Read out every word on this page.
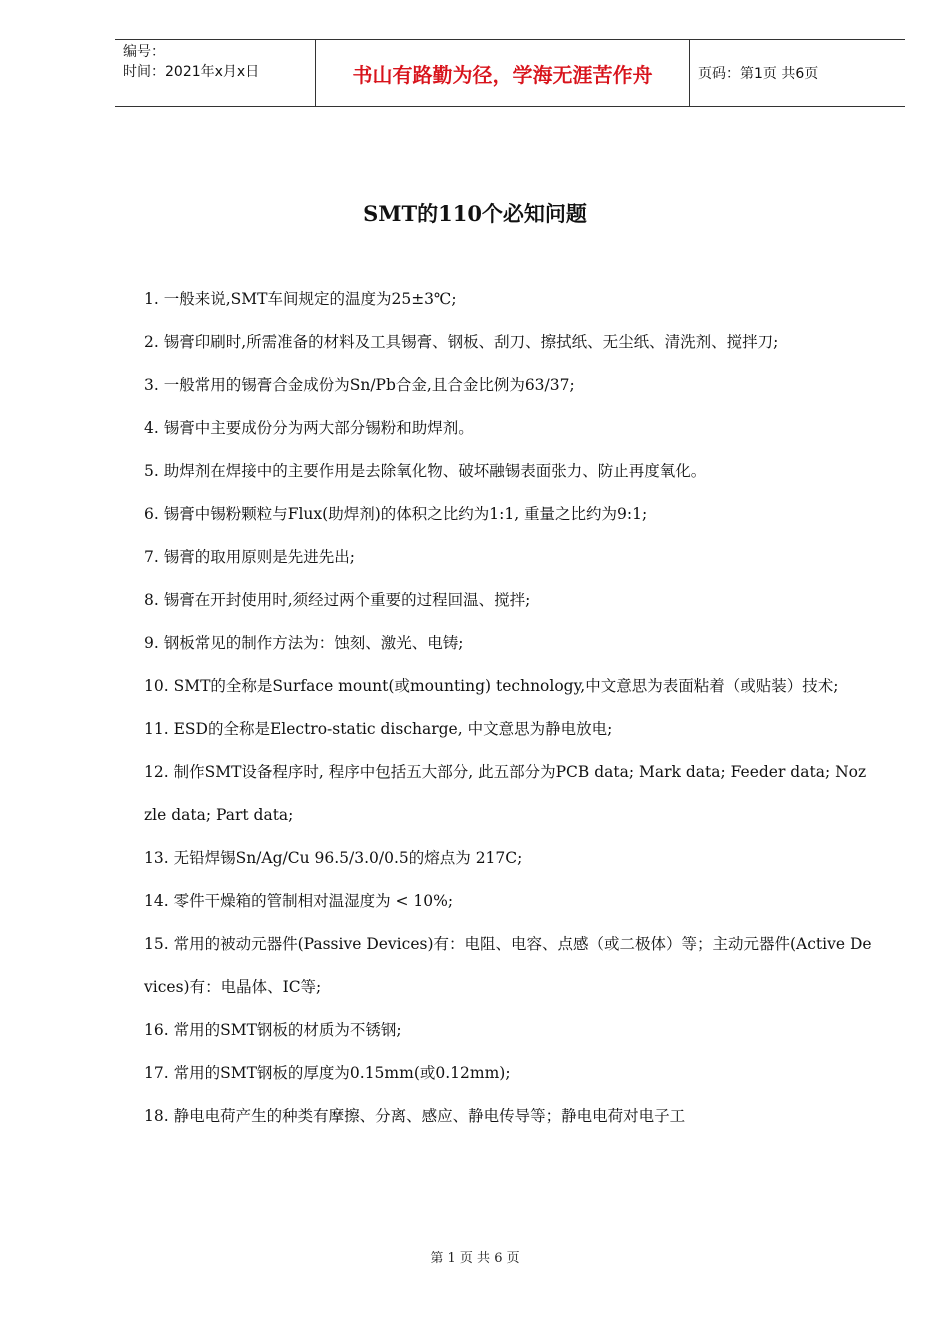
编号：
时间：2021年x月x日	书山有路勤为径，学海无涯苦作舟	页码：第1页 共6页
SMT的110个必知问题

1. 一般来说,SMT车间规定的温度为25±3℃;

2. 锡膏印刷时,所需准备的材料及工具锡膏、钢板、刮刀、擦拭纸、无尘纸、清洗剂、搅拌刀;

3. 一般常用的锡膏合金成份为Sn/Pb合金,且合金比例为63/37;

4. 锡膏中主要成份分为两大部分锡粉和助焊剂。

5. 助焊剂在焊接中的主要作用是去除氧化物、破坏融锡表面张力、防止再度氧化。

6. 锡膏中锡粉颗粒与Flux(助焊剂)的体积之比约为1:1, 重量之比约为9:1;

7. 锡膏的取用原则是先进先出;

8. 锡膏在开封使用时,须经过两个重要的过程回温、搅拌;

9. 钢板常见的制作方法为：蚀刻、激光、电铸;

10. SMT的全称是Surface mount(或mounting) technology,中文意思为表面粘着（或贴装）技术;

11. ESD的全称是Electro-static discharge, 中文意思为静电放电;

12. 制作SMT设备程序时, 程序中包括五大部分, 此五部分为PCB data; Mark data; Feeder data; Nozzle data; Part data;

13. 无铅焊锡Sn/Ag/Cu 96.5/3.0/0.5的熔点为 217C;

14. 零件干燥箱的管制相对温湿度为 < 10%;

15. 常用的被动元器件(Passive Devices)有：电阻、电容、点感（或二极体）等；主动元器件(Active Devices)有：电晶体、IC等;

16. 常用的SMT钢板的材质为不锈钢;

17. 常用的SMT钢板的厚度为0.15mm(或0.12mm);

18. 静电电荷产生的种类有摩擦、分离、感应、静电传导等；静电电荷对电子工

第 1 页 共 6 页
